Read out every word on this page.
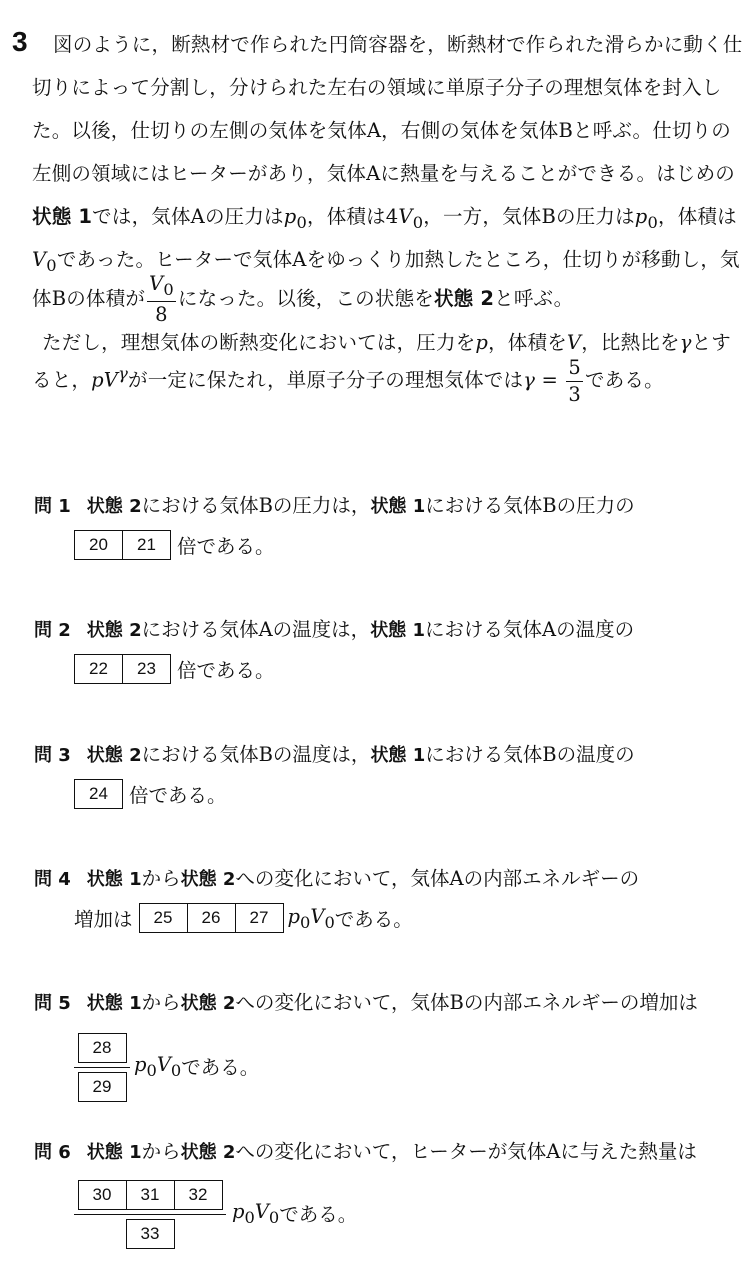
3 図のように，断熱材で作られた円筒容器を，断熱材で作られた滑らかに動く仕
切りによって分割し，分けられた左右の領域に単原子分子の理想気体を封入し
た。以後，仕切りの左側の気体を気体A，右側の気体を気体Bと呼ぶ。仕切りの
左側の領域にはヒーターがあり，気体Aに熱量を与えることができる。はじめの
状態 1では，気体Aの圧力は$p_0$，体積は$4V_0$，一方，気体Bの圧力は$p_0$，体積は
$V_0$であった。ヒーターで気体Aをゆっくり加熱したところ，仕切りが移動し，気
体Bの体積が $\frac{V_0}{8}$ になった。以後，この状態を状態 2と呼ぶ。
ただし，理想気体の断熱変化においては，圧力をp，体積をV，比熱比をγとす
ると，$pV^\gamma$が一定に保たれ，単原子分子の理想気体では$\gamma = \frac{5}{3}$ である。
問 1 状態 2における気体Bの圧力は，状態 1における気体Bの圧力の
20	21	倍である。
問 2 状態 2における気体Aの温度は，状態 1における気体Aの温度の
22	23	倍である。
問 3 状態 2における気体Bの温度は，状態 1における気体Bの温度の
24	倍である。
問 4 状態 1から状態 2への変化において，気体Aの内部エネルギーの
増加は	25	26	27 $p_0V_0$ である。
問 5 状態 1から状態 2への変化において，気体Bの内部エネルギーの増加は
$\frac{28}{29} p_0V_0$ である。
問 6 状態 1から状態 2への変化において，ヒーターが気体Aに与えた熱量は
30	31	32
33 $p_0V_0$ である。
